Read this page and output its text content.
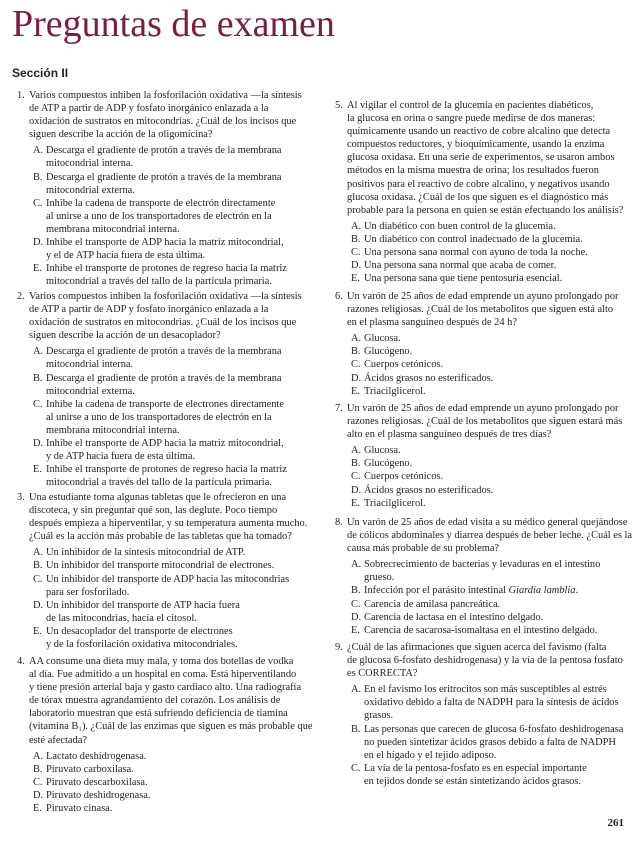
Preguntas de examen
Sección II
1. Varios compuestos inhiben la fosforilación oxidativa —la síntesis
de ATP a partir de ADP y fosfato inorgánico enlazada a la
oxidación de sustratos en mitocondrias. ¿Cuál de los incisos que
siguen describe la acción de la oligomicina?
A. Descarga el gradiente de protón a través de la membrana
mitocondrial interna.
B. Descarga el gradiente de protón a través de la membrana
mitocondrial externa.
C. Inhibe la cadena de transporte de electrón directamente
al unirse a uno de los transportadores de electrón en la
membrana mitocondrial interna.
D. Inhibe el transporte de ADP hacia la matriz mitocondrial,
y el de ATP hacia fuera de esta última.
E. Inhibe el transporte de protones de regreso hacia la matriz
mitocondrial a través del tallo de la partícula primaria.
2. Varios compuestos inhiben la fosforilación oxidativa —la síntesis
de ATP a partir de ADP y fosfato inorgánico enlazada a la
oxidación de sustratos en mitocondrias. ¿Cuál de los incisos que
siguen describe la acción de un desacoplador?
A. Descarga el gradiente de protón a través de la membrana
mitocondrial interna.
B. Descarga el gradiente de protón a través de la membrana
mitocondrial externa.
C. Inhibe la cadena de transporte de electrones directamente
al unirse a uno de los transportadores de electrón en la
membrana mitocondrial interna.
D. Inhibe el transporte de ADP hacia la matriz mitocondrial,
y de ATP hacia fuera de esta última.
E. Inhibe el transporte de protones de regreso hacia la matriz
mitocondrial a través del tallo de la partícula primaria.
3. Una estudiante toma algunas tabletas que le ofrecieron en una
discoteca, y sin preguntar qué son, las deglute. Poco tiempo
después empieza a hiperventilar, y su temperatura aumenta mucho.
¿Cuál es la acción más probable de las tabletas que ha tomado?
A. Un inhibidor de la síntesis mitocondrial de ATP.
B. Un inhibidor del transporte mitocondrial de electrones.
C. Un inhibidor del transporte de ADP hacia las mitocondrias
para ser fosforilado.
D. Un inhibidor del transporte de ATP hacia fuera
de las mitocondrias, hacia el citosol.
E. Un desacoplador del transporte de electrones
y de la fosforilación oxidativa mitocondriales.
4. AA consume una dieta muy mala, y toma dos botellas de vodka
al día. Fue admitido a un hospital en coma. Está hiperventilando
y tiene presión arterial baja y gasto cardiaco alto. Una radiografía
de tórax muestra agrandamiento del corazón. Los análisis de
laboratorio muestran que está sufriendo deficiencia de tiamina
(vitamina B₁). ¿Cuál de las enzimas que siguen es más probable que
esté afectada?
A. Lactato deshidrogenasa.
B. Piruvato carboxilasa.
C. Piruvato descarboxilasa.
D. Piruvato deshidrogenasa.
E. Piruvato cinasa.
5. Al vigilar el control de la glucemia en pacientes diabéticos,
la glucosa en orina o sangre puede medirse de dos maneras:
químicamente usando un reactivo de cobre alcalino que detecta
compuestos reductores, y bioquímicamente, usando la enzima
glucosa oxidasa. En una serie de experimentos, se usaron ambos
métodos en la misma muestra de orina; los resultados fueron
positivos para el reactivo de cobre alcalino, y negativos usando
glucosa oxidasa. ¿Cuál de los que siguen es el diagnóstico más
probable para la persona en quien se están efectuando los análisis?
A. Un diabético con buen control de la glucemia.
B. Un diabético con control inadecuado de la glucemia.
C. Una persona sana normal con ayuno de toda la noche.
D. Una persona sana normal que acaba de comer.
E. Una persona sana que tiene pentosuria esencial.
6. Un varón de 25 años de edad emprende un ayuno prolongado por
razones religiosas. ¿Cuál de los metabolitos que siguen está alto
en el plasma sanguíneo después de 24 h?
A. Glucosa.
B. Glucógeno.
C. Cuerpos cetónicos.
D. Ácidos grasos no esterificados.
E. Triacilglicerol.
7. Un varón de 25 años de edad emprende un ayuno prolongado por
razones religiosas. ¿Cuál de los metabolitos que siguen estará más
alto en el plasma sanguíneo después de tres días?
A. Glucosa.
B. Glucógeno.
C. Cuerpos cetónicos.
D. Ácidos grasos no esterificados.
E. Triacilglicerol.
8. Un varón de 25 años de edad visita a su médico general quejándose
de cólicos abdominales y diarrea después de beber leche. ¿Cuál es la
causa más probable de su problema?
A. Sobrecrecimiento de bacterias y levaduras en el intestino
grueso.
B. Infección por el parásito intestinal Giardia lamblia.
C. Carencia de amilasa pancreática.
D. Carencia de lactasa en el intestino delgado.
E. Carencia de sacarosa-isomaltasa en el intestino delgado.
9. ¿Cuál de las afirmaciones que siguen acerca del favismo (falta
de glucosa 6-fosfato deshidrogenasa) y la vía de la pentosa fosfato
es CORRECTA?
A. En el favismo los eritrocitos son más susceptibles al estrés
oxidativo debido a falta de NADPH para la síntesis de ácidos
grasos.
B. Las personas que carecen de glucosa 6-fosfato deshidrogenasa
no pueden sintetizar ácidos grasos debido a falta de NADPH
en el hígado y el tejido adiposo.
C. La vía de la pentosa-fosfato es en especial importante
en tejidos donde se están sintetizando ácidos grasos.
261
